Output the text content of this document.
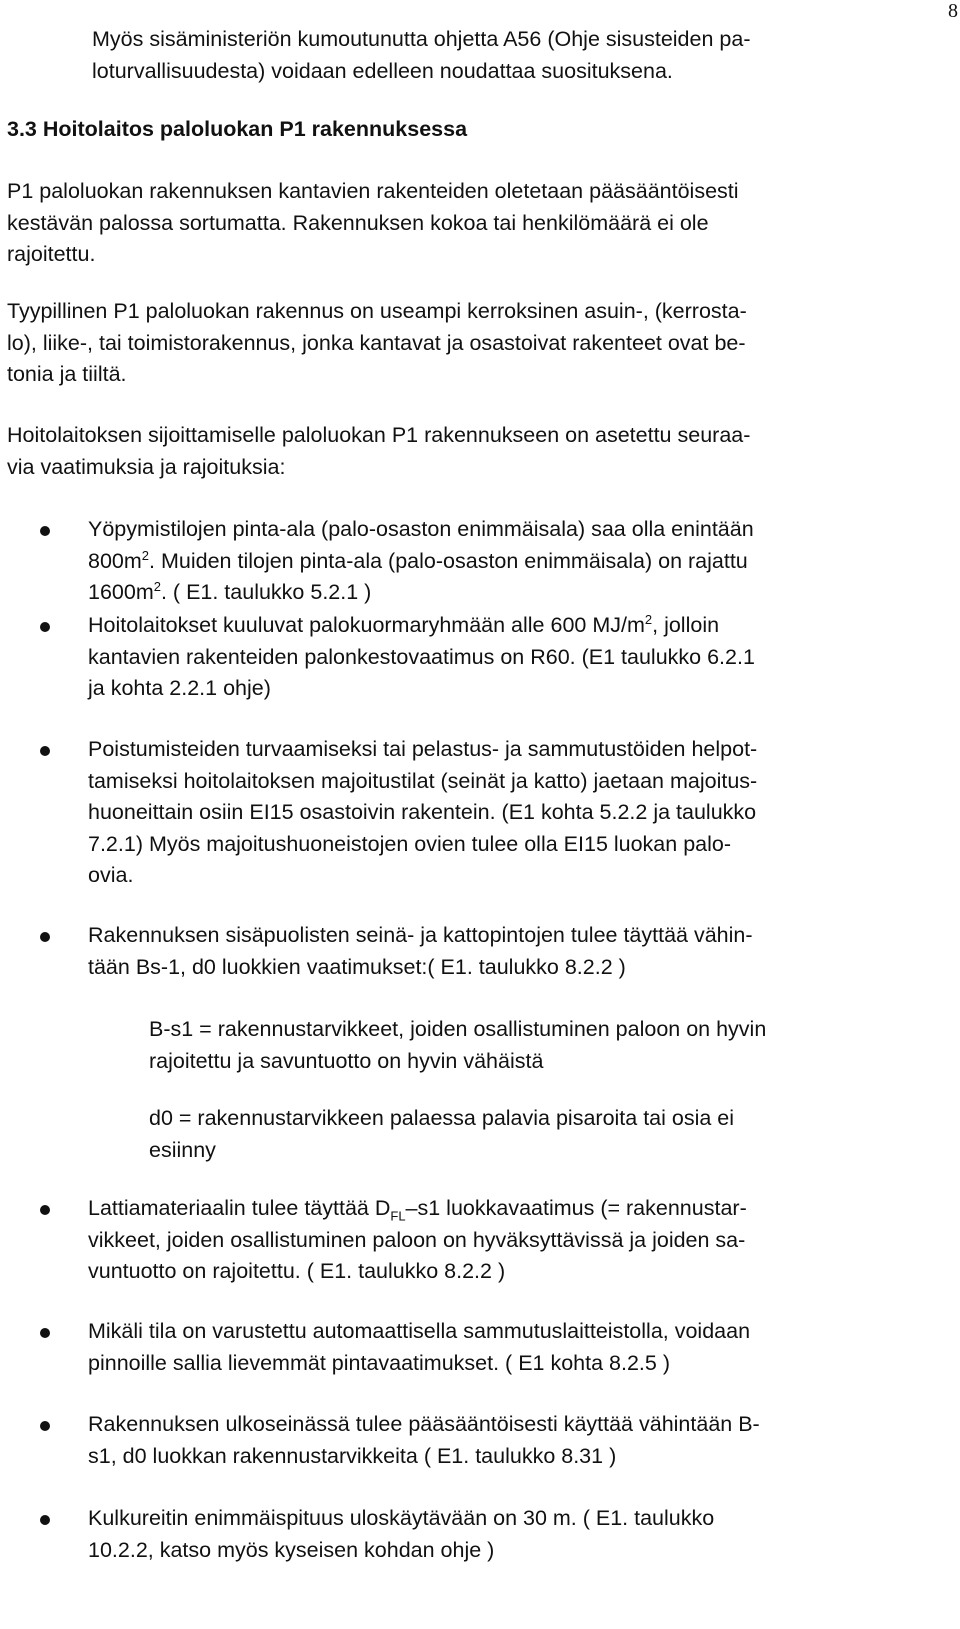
8
Myös sisäministeriön kumoutunutta ohjetta A56 (Ohje sisusteiden pa-
loturvallisuudesta) voidaan edelleen noudattaa suosituksena.
3.3 Hoitolaitos paloluokan P1 rakennuksessa
P1 paloluokan rakennuksen kantavien rakenteiden oletetaan pääsääntöisesti
kestävän palossa sortumatta. Rakennuksen kokoa tai henkilömäärä ei ole
rajoitettu.
Tyypillinen P1 paloluokan rakennus on useampi kerroksinen asuin-, (kerrosta-
lo), liike-, tai toimistorakennus, jonka kantavat ja osastoivat rakenteet ovat be-
tonia ja tiiltä.
Hoitolaitoksen sijoittamiselle paloluokan P1 rakennukseen on asetettu seuraa-
via vaatimuksia ja rajoituksia:
Yöpymistilojen pinta-ala (palo-osaston enimmäisala) saa olla enintään
$800m^2$. Muiden tilojen pinta-ala (palo-osaston enimmäisala) on rajattu
$1600m^2$. ( E1. taulukko 5.2.1 )
Hoitolaitokset kuuluvat palokuormaryhmään alle 600 $MJ/m^2$, jolloin
kantavien rakenteiden palonkestovaatimus on R60. (E1 taulukko 6.2.1
ja kohta 2.2.1 ohje)
Poistumisteiden turvaamiseksi tai pelastus- ja sammutustöiden helpot-
tamiseksi hoitolaitoksen majoitustilat (seinät ja katto) jaetaan majoitus-
huoneittain osiin EI15 osastoivin rakentein. (E1 kohta 5.2.2 ja taulukko
7.2.1) Myös majoitushuoneistojen ovien tulee olla EI15 luokan palo-
ovia.
Rakennuksen sisäpuolisten seinä- ja kattopintojen tulee täyttää vähin-
tään Bs-1, d0 luokkien vaatimukset:( E1. taulukko 8.2.2 )
B-s1 = rakennustarvikkeet, joiden osallistuminen paloon on hyvin
rajoitettu ja savuntuotto on hyvin vähäistä
d0 = rakennustarvikkeen palaessa palavia pisaroita tai osia ei
esiinny
Lattiamateriaalin tulee täyttää $D_{FL}-s1$ luokkavaatimus (= rakennustar-
vikkeet, joiden osallistuminen paloon on hyväksyttävissä ja joiden sa-
vuntuotto on rajoitettu. ( E1. taulukko 8.2.2 )
Mikäli tila on varustettu automaattisella sammutuslaitteistolla, voidaan
pinnoille sallia lievemmät pintavaatimukset. ( E1 kohta 8.2.5 )
Rakennuksen ulkoseinässä tulee pääsääntöisesti käyttää vähintään B-
s1, d0 luokkan rakennustarvikkeita ( E1. taulukko 8.31 )
Kulkureitin enimmäispituus uloskäytävään on 30 m. ( E1. taulukko
10.2.2, katso myös kyseisen kohdan ohje )
